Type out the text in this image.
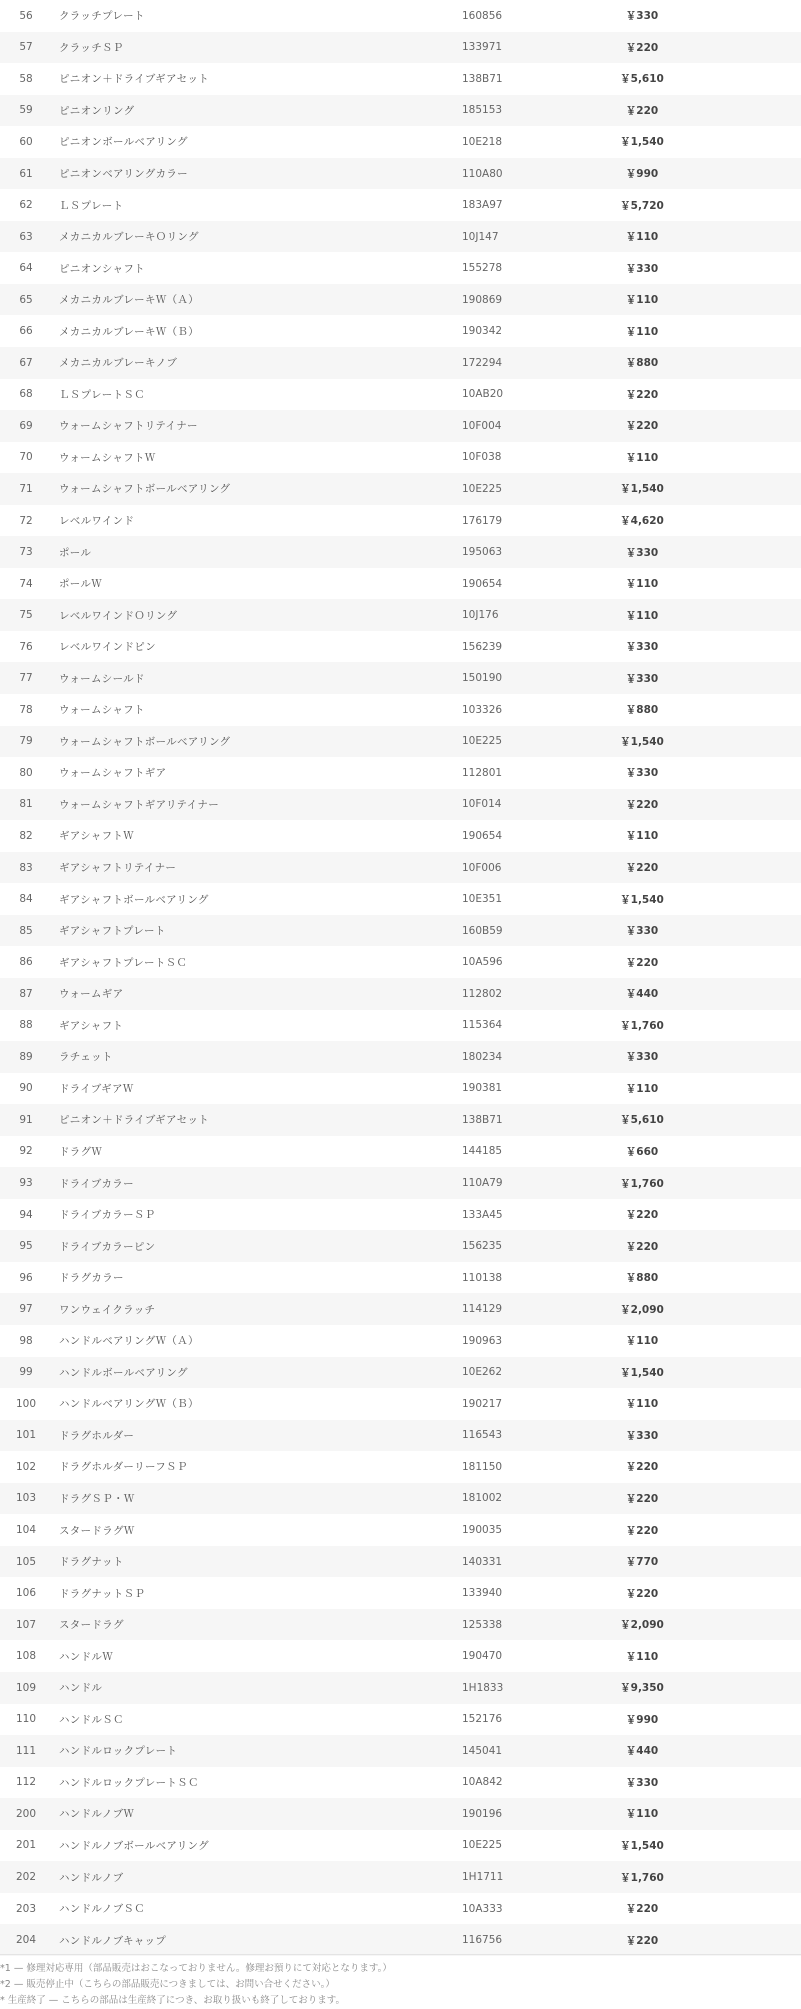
56	クラッチプレート	160856	￥330
57	クラッチＳＰ	133971	￥220
58	ピニオン＋ドライブギアセット	138B71	￥5,610
59	ピニオンリング	185153	￥220
60	ピニオンボールベアリング	10E218	￥1,540
61	ピニオンベアリングカラー	110A80	￥990
62	ＬＳプレート	183A97	￥5,720
63	メカニカルブレーキＯリング	10J147	￥110
64	ピニオンシャフト	155278	￥330
65	メカニカルブレーキＷ（Ａ）	190869	￥110
66	メカニカルブレーキＷ（Ｂ）	190342	￥110
67	メカニカルブレーキノブ	172294	￥880
68	ＬＳプレートＳＣ	10AB20	￥220
69	ウォームシャフトリテイナー	10F004	￥220
70	ウォームシャフトＷ	10F038	￥110
71	ウォームシャフトボールベアリング	10E225	￥1,540
72	レベルワインド	176179	￥4,620
73	ポール	195063	￥330
74	ポールＷ	190654	￥110
75	レベルワインドＯリング	10J176	￥110
76	レベルワインドピン	156239	￥330
77	ウォームシールド	150190	￥330
78	ウォームシャフト	103326	￥880
79	ウォームシャフトボールベアリング	10E225	￥1,540
80	ウォームシャフトギア	112801	￥330
81	ウォームシャフトギアリテイナー	10F014	￥220
82	ギアシャフトＷ	190654	￥110
83	ギアシャフトリテイナー	10F006	￥220
84	ギアシャフトボールベアリング	10E351	￥1,540
85	ギアシャフトプレート	160B59	￥330
86	ギアシャフトプレートＳＣ	10A596	￥220
87	ウォームギア	112802	￥440
88	ギアシャフト	115364	￥1,760
89	ラチェット	180234	￥330
90	ドライブギアＷ	190381	￥110
91	ピニオン＋ドライブギアセット	138B71	￥5,610
92	ドラグＷ	144185	￥660
93	ドライブカラー	110A79	￥1,760
94	ドライブカラーＳＰ	133A45	￥220
95	ドライブカラーピン	156235	￥220
96	ドラグカラー	110138	￥880
97	ワンウェイクラッチ	114129	￥2,090
98	ハンドルベアリングＷ（Ａ）	190963	￥110
99	ハンドルボールベアリング	10E262	￥1,540
100	ハンドルベアリングＷ（Ｂ）	190217	￥110
101	ドラグホルダー	116543	￥330
102	ドラグホルダーリーフＳＰ	181150	￥220
103	ドラグＳＰ・Ｗ	181002	￥220
104	スタードラグＷ	190035	￥220
105	ドラグナット	140331	￥770
106	ドラグナットＳＰ	133940	￥220
107	スタードラグ	125338	￥2,090
108	ハンドルＷ	190470	￥110
109	ハンドル	1H1833	￥9,350
110	ハンドルＳＣ	152176	￥990
111	ハンドルロックプレート	145041	￥440
112	ハンドルロックプレートＳＣ	10A842	￥330
200	ハンドルノブＷ	190196	￥110
201	ハンドルノブボールベアリング	10E225	￥1,540
202	ハンドルノブ	1H1711	￥1,760
203	ハンドルノブＳＣ	10A333	￥220
204	ハンドルノブキャップ	116756	￥220
*1 — 修理対応専用（部品販売はおこなっておりません。修理お預りにて対応となります。）
*2 — 販売停止中（こちらの部品販売につきましては、お問い合せください。）
* 生産終了 — こちらの部品は生産終了につき、お取り扱いも終了しております。
